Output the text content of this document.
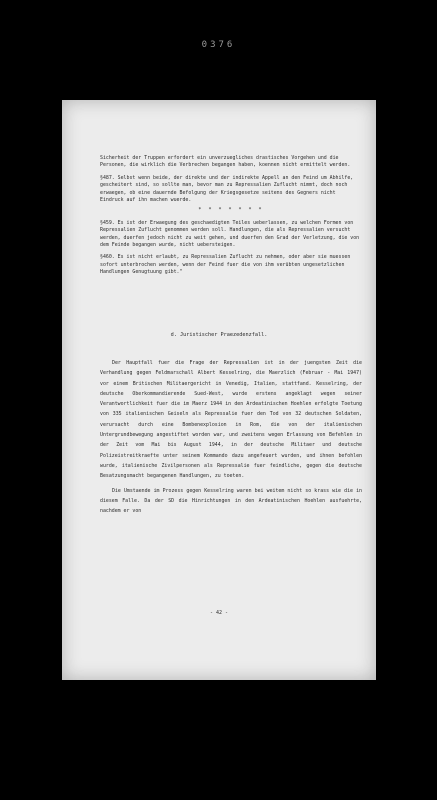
0376

Sicherheit der Truppen erfordert ein unverzuegliches drastisches Vorgehen und die Personen, die wirklich die Verbrechen begangen haben, koennen nicht ermittelt werden.

§487. Selbst wenn beide, der direkte und der indirekte Appell an den Feind um Abhilfe, gescheitert sind, so sollte man, bevor man zu Repressalien Zuflucht nimmt, doch noch erwaegen, ob eine dauernde Befolgung der Kriegsgesetze seitens des Gegners nicht Eindruck auf ihn machen wuerde.

* * * * * * *

§459. Es ist der Erwaegung des geschaedigten Teiles ueberlassen, zu welchen Formen von Repressalien Zuflucht genommen werden soll. Handlungen, die als Repressalien versucht werden, duerfen jedoch nicht zu weit gehen, und duerfen den Grad der Verletzung, die von dem Feinde begangen wurde, nicht uebersteigen.

§460. Es ist nicht erlaubt, zu Repressalien Zuflucht zu nehmen, oder aber sie muessen sofort unterbrochen werden, wenn der Feind fuer die von ihm verübten ungesetzlichen Handlungen Genugtuung gibt."

d. Juristischer Praezedenzfall.

Der Hauptfall fuer die Frage der Repressalien ist in der juengsten Zeit die Verhandlung gegen Feldmarschall Albert Kesselring, die Maerzlich (Februar - Mai 1947) vor einem Britischen Militaergericht in Venedig, Italien, stattfand. Kesselring, der deutsche Oberkommandierende Sued-West, wurde erstens angeklagt wegen seiner Verantwortlichkeit fuer die im Maerz 1944 in den Ardeatinischen Hoehlen erfolgte Toetung von 335 italienischen Geiseln als Repressalie fuer den Tod von 32 deutschen Soldaten, verursacht durch eine Bombenexplosion in Rom, die von der italienischen Untergrundbewegung angestiftet worden war, und zweitens wegen Erlassung von Befehlen in der Zeit vom Mai bis August 1944, in der deutsche Militaer und deutsche Polizeistreitkraefte unter seinem Kommando dazu angefeuert wurden, und ihnen befohlen wurde, italienische Zivilpersonen als Repressalie fuer feindliche, gegen die deutsche Besatzungsmacht begangenen Handlungen, zu toeten.

Die Umstaende im Prozess gegen Kesselring waren bei weitem nicht so krass wie die in diesem Falle. Da der SD die Hinrichtungen in den Ardeatinischen Hoehlen ausfuehrte, nachdem er von

- 42 -
